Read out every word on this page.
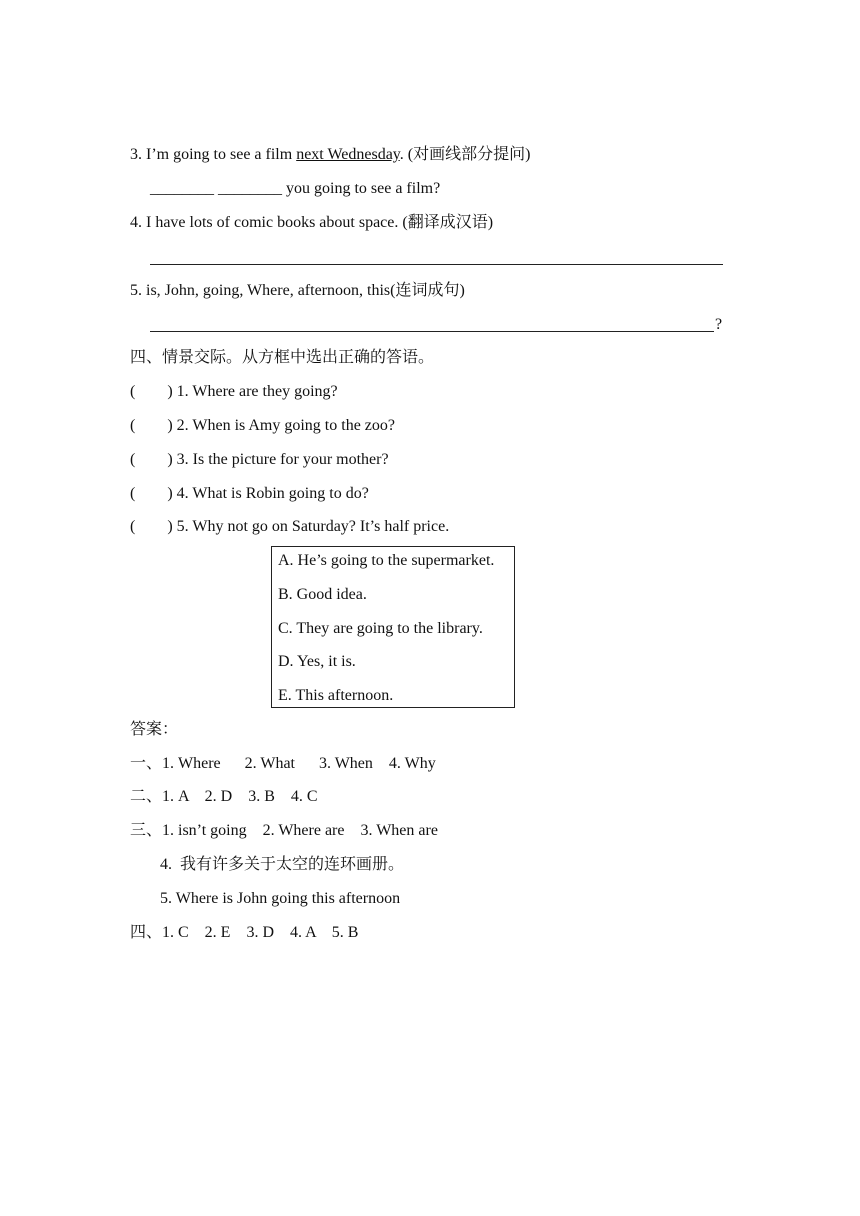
3. I’m going to see a film next Wednesday. (对画线部分提问)
________ ________ you going to see a film?
4. I have lots of comic books about space. (翻译成汉语)
5. is, John, going, Where, afternoon, this(连词成句)
?
四、情景交际。从方框中选出正确的答语。
(        ) 1. Where are they going?
(        ) 2. When is Amy going to the zoo?
(        ) 3. Is the picture for your mother?
(        ) 4. What is Robin going to do?
(        ) 5. Why not go on Saturday? It’s half price.
A. He’s going to the supermarket.
B. Good idea.
C. They are going to the library.
D. Yes, it is.
E. This afternoon.
答案：
一、1. Where      2. What      3. When    4. Why
二、1. A    2. D    3. B    4. C
三、1. isn’t going    2. Where are    3. When are
4.  我有许多关于太空的连环画册。
5. Where is John going this afternoon
四、1. C    2. E    3. D    4. A    5. B
